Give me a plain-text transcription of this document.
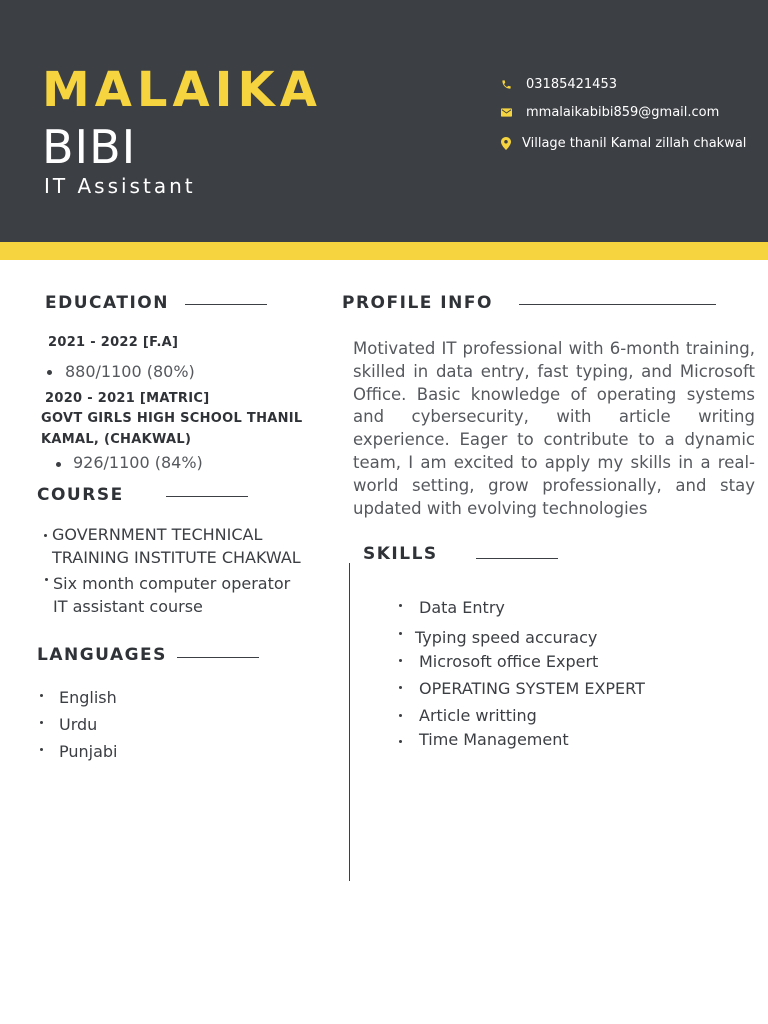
MALAIKA
BIBI
IT Assistant
03185421453
mmalaikabibi859@gmail.com
Village thanil Kamal zillah chakwal
EDUCATION
2021 - 2022 [F.A]
880/1100 (80%)
2020 - 2021 [MATRIC]
GOVT GIRLS HIGH SCHOOL THANIL
KAMAL, (CHAKWAL)
926/1100 (84%)
COURSE
GOVERNMENT TECHNICAL
TRAINING INSTITUTE CHAKWAL
Six month computer operator
IT assistant course
LANGUAGES
English
Urdu
Punjabi
PROFILE INFO
Motivated IT professional with 6-month training, skilled in data entry, fast typing, and Microsoft Office. Basic knowledge of operating systems and cybersecurity, with article writing experience. Eager to contribute to a dynamic team, I am excited to apply my skills in a real-world setting, grow professionally, and stay updated with evolving technologies
SKILLS
Data Entry
Typing speed accuracy
Microsoft office Expert
OPERATING SYSTEM EXPERT
Article writting
Time Management
